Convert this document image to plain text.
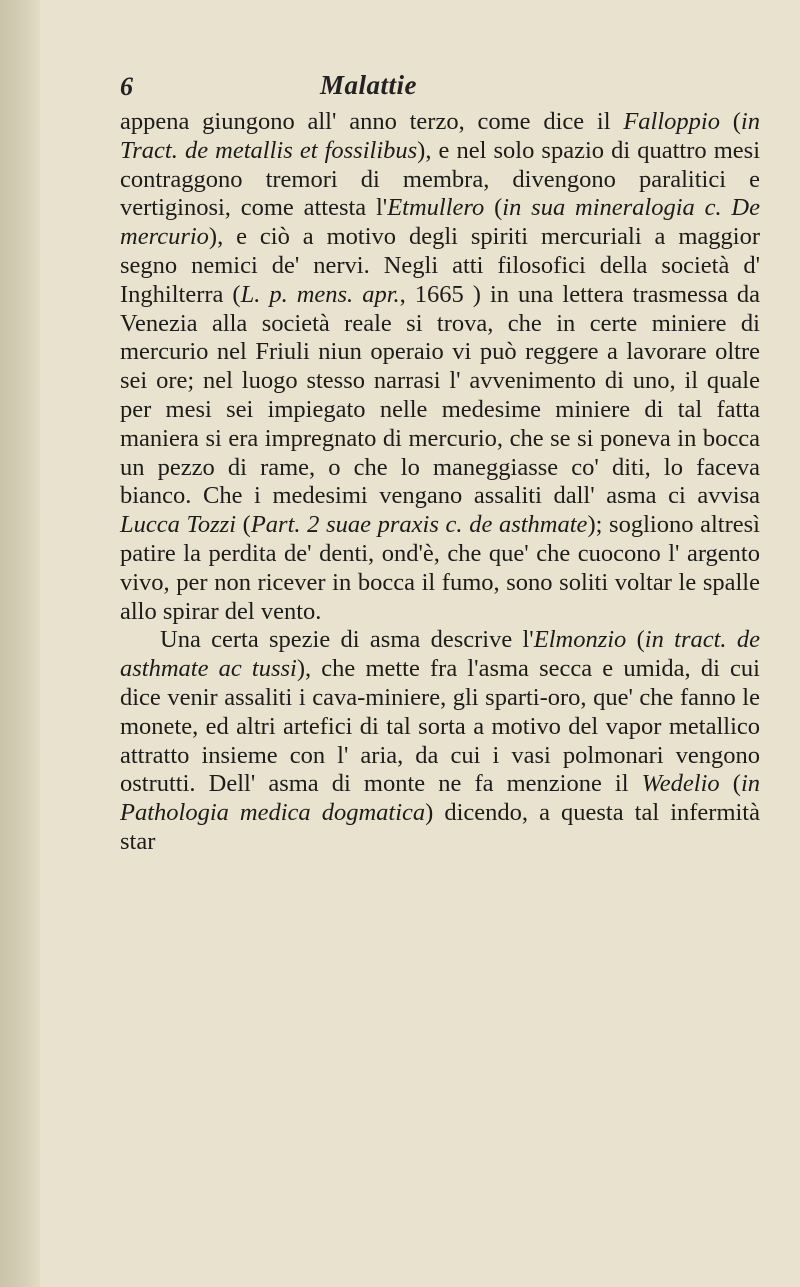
6	Malattie

appena giungono all' anno terzo, come dice il Falloppio (in Tract. de metallis et fossilibus), e nel solo spazio di quattro mesi contraggono tremori di membra, divengono paralitici e vertiginosi, come attesta l'Etmullero (in sua mineralogia c. De mercurio), e ciò a motivo degli spiriti mercuriali a maggior segno nemici de' nervi. Negli atti filosofici della società d' Inghilterra (L. p. mens. apr., 1665 ) in una lettera trasmessa da Venezia alla società reale si trova, che in certe miniere di mercurio nel Friuli niun operaio vi può reggere a lavorare oltre sei ore; nel luogo stesso narrasi l' avvenimento di uno, il quale per mesi sei impiegato nelle medesime miniere di tal fatta maniera si era impregnato di mercurio, che se si poneva in bocca un pezzo di rame, o che lo maneggiasse co' diti, lo faceva bianco. Che i medesimi vengano assaliti dall' asma ci avvisa Lucca Tozzi (Part. 2 suae praxis c. de asthmate); sogliono altresì patire la perdita de' denti, ond'è, che que' che cuocono l' argento vivo, per non ricever in bocca il fumo, sono soliti voltar le spalle allo spirar del vento.

Una certa spezie di asma descrive l'Elmonzio (in tract. de asthmate ac tussi), che mette fra l'asma secca e umida, di cui dice venir assaliti i cava-miniere, gli sparti-oro, que' che fanno le monete, ed altri artefici di tal sorta a motivo del vapor metallico attratto insieme con l' aria, da cui i vasi polmonari vengono ostrutti. Dell' asma di monte ne fa menzione il Wedelio (in Pathologia medica dogmatica) dicendo, a questa tal infermità star
